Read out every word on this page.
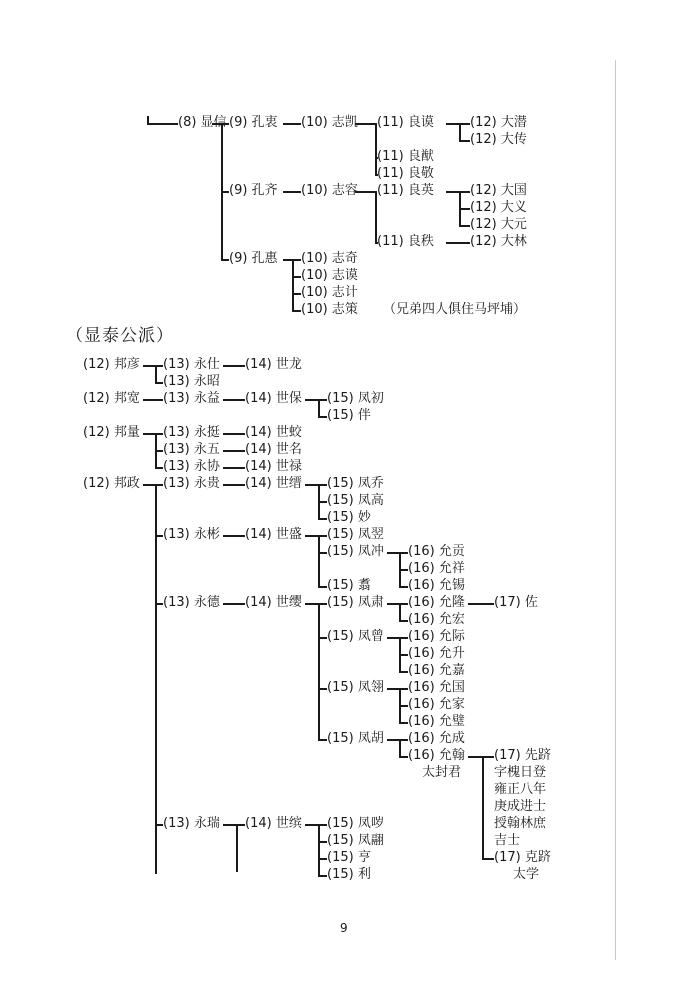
（显泰公派）
(8) 显信 (9) 孔衷 (10) 志凯 (11) 良谟	(12) 大潜
(12) 大传
(11) 良猷
(11) 良敬
(9) 孔齐 (10) 志容 (11) 良英	(12) 大国
(12) 大义
(12) 大元
(11) 良秩	(12) 大林
(9) 孔惠 (10) 志奇
(10) 志谟
(10) 志计
(10) 志策 （兄弟四人俱住马坪埔）
(12) 邦彦 (13) 永仕 (14) 世龙
(13) 永昭
(12) 邦宽 (13) 永益 (14) 世保 (15) 凤初
(15) 伴
(12) 邦量 (13) 永挺 (14) 世蛟
(13) 永五 (14) 世名
(13) 永协 (14) 世禄
(12) 邦政 (13) 永贵 (14) 世缙 (15) 凤乔
(15) 凤高
(15) 妙
(13) 永彬 (14) 世盛 (15) 凤翌
(15) 凤冲 (16) 允贡
(16) 允祥
(16) 允锡
(15) 翥
(13) 永德 (14) 世缨 (15) 凤肃 (16) 允隆 (17) 佐
(16) 允宏
(15) 凤曾 (16) 允际
(16) 允升
(16) 允嘉
(15) 凤翎 (16) 允国
(16) 允家
(16) 允璧
(15) 凤胡 (16) 允成
(16) 允翰 (17) 先跻
太封君	字槐日登
雍正八年
庚成进士
授翰林庶
吉士
(17) 克跻
太学
(13) 永瑞 (14) 世缤 (15) 凤哕
(15) 凤翮
(15) 亨
(15) 利
9
